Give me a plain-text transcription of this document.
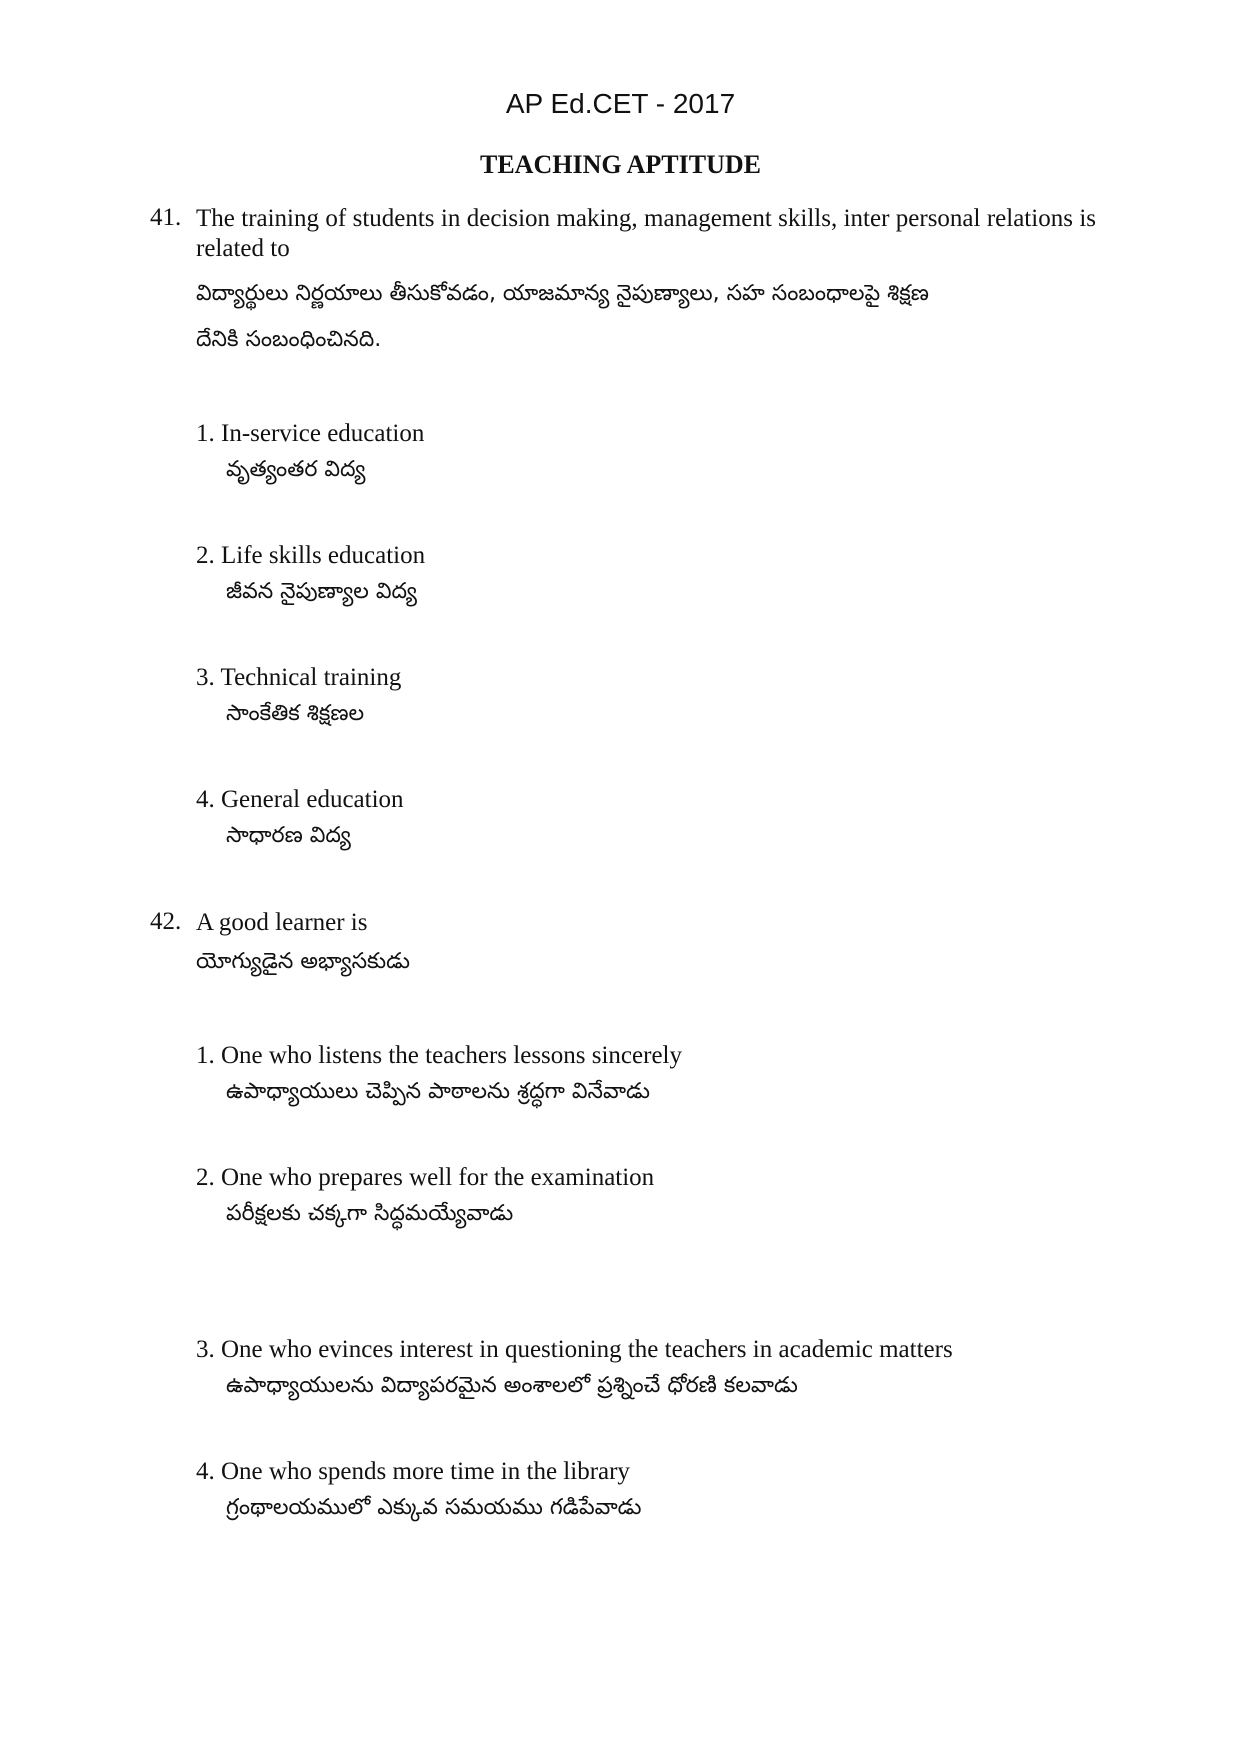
AP Ed.CET - 2017
TEACHING APTITUDE
41. The training of students in decision making, management skills, inter personal relations is related to
విద్యార్థులు నిర్ణయాలు తీసుకోవడం, యాజమాన్య నైపుణ్యాలు, సహ సంబంధాలపై శిక్షణ
దేనికి సంబంధించినది.
1. In-service education
వృత్యంతర విద్య
2. Life skills education
జీవన నైపుణ్యాల విద్య
3. Technical training
సాంకేతిక శిక్షణల
4. General education
సాధారణ విద్య
42. A good learner is
యోగ్యుడైన అభ్యాసకుడు
1. One who listens the teachers lessons sincerely
ఉపాధ్యాయులు చెప్పిన పాఠాలను శ్రద్ధగా వినేవాడు
2. One who prepares well for the examination
పరీక్షలకు చక్కగా సిద్ధమయ్యేవాడు
3. One who evinces interest in questioning the teachers in academic matters
ఉపాధ్యాయులను విద్యాపరమైన అంశాలలో ప్రశ్నించే ధోరణి కలవాడు
4. One who spends more time in the library
గ్రంథాలయములో ఎక్కువ సమయము గడిపేవాడు
